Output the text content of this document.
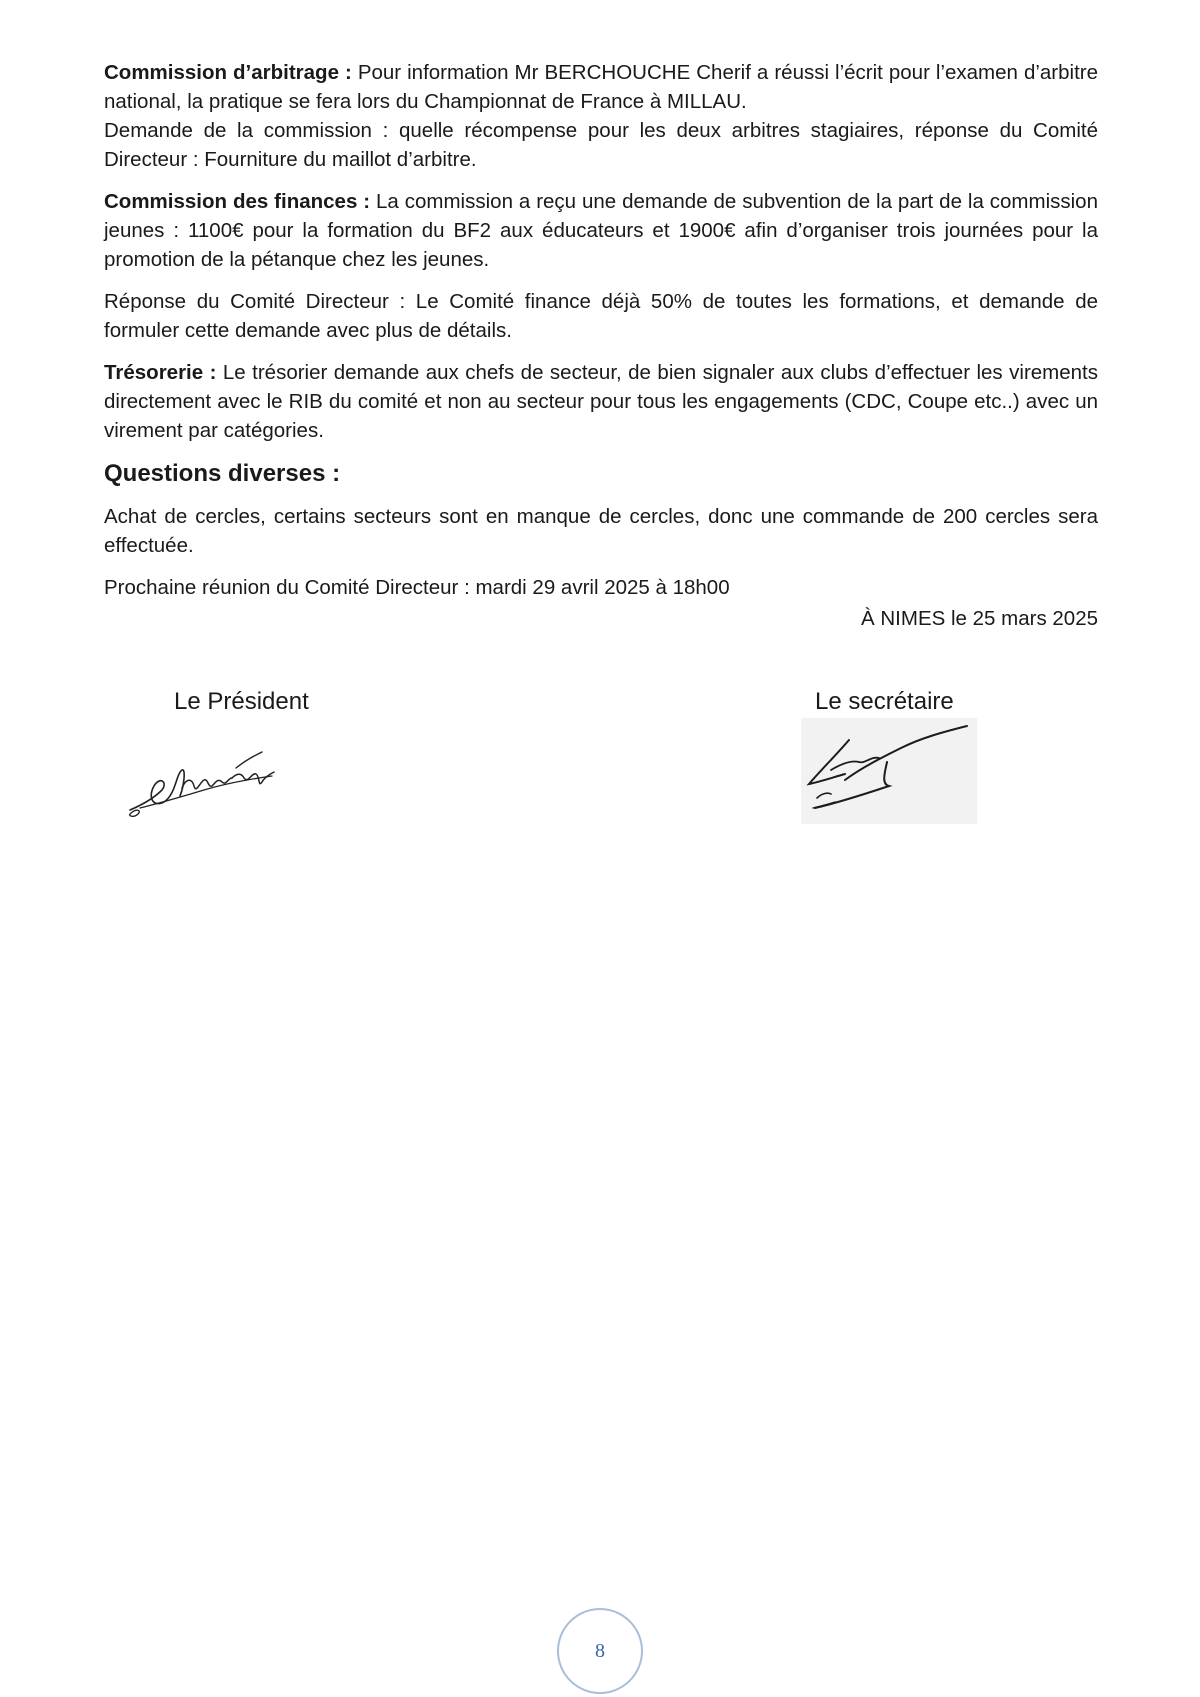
Commission d’arbitrage : Pour information Mr BERCHOUCHE Cherif a réussi l’écrit pour l’examen d’arbitre national, la pratique se fera lors du Championnat de France à MILLAU.

Demande de la commission : quelle récompense pour les deux arbitres stagiaires, réponse du Comité Directeur : Fourniture du maillot d’arbitre.

Commission des finances : La commission a reçu une demande de subvention de la part de la commission jeunes : 1100€ pour la formation du BF2 aux éducateurs et 1900€ afin d’organiser trois journées pour la promotion de la pétanque chez les jeunes.

Réponse du Comité Directeur : Le Comité finance déjà 50% de toutes les formations, et demande de formuler cette demande avec plus de détails.

Trésorerie : Le trésorier demande aux chefs de secteur, de bien signaler aux clubs d’effectuer les virements directement avec le RIB du comité et non au secteur pour tous les engagements (CDC, Coupe etc..) avec un virement par catégories.

Questions diverses :

Achat de cercles, certains secteurs sont en manque de cercles, donc une commande de 200 cercles sera effectuée.

Prochaine réunion du Comité Directeur : mardi 29 avril 2025 à 18h00

À NIMES le 25 mars 2025

Le Président	Le secrétaire
8
